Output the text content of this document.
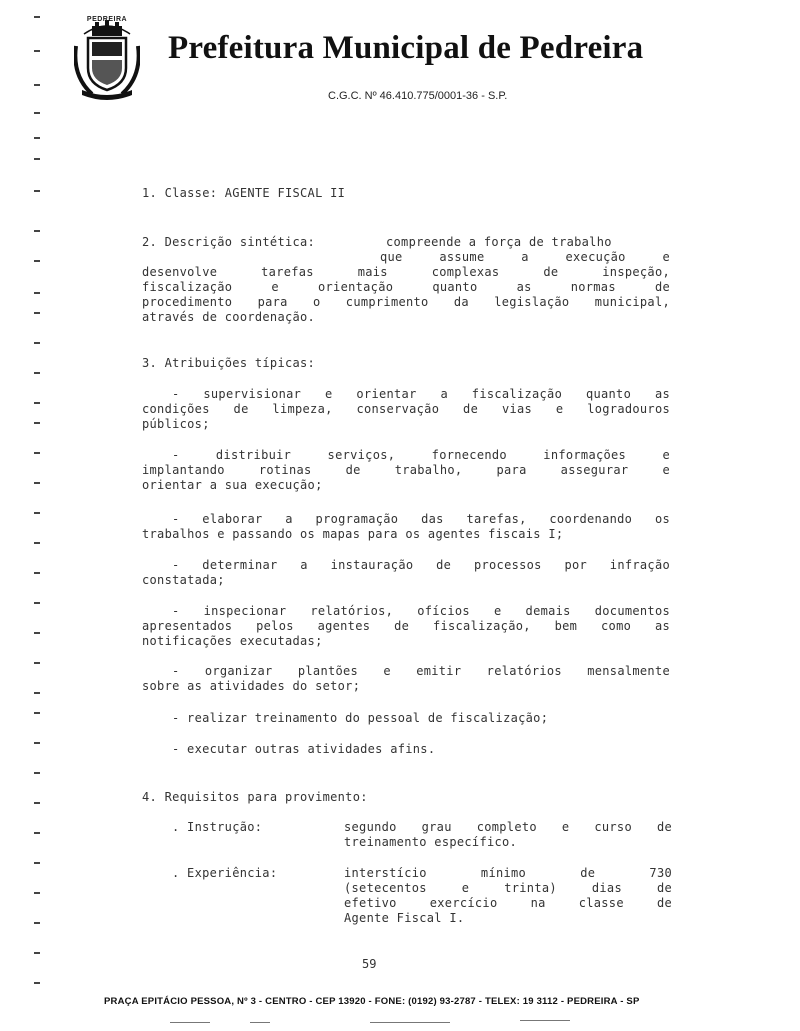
PEDREIRA
Prefeitura Municipal de Pedreira

C.G.C. Nº 46.410.775/0001-36 - S.P.

1. Classe: AGENTE FISCAL II

2. Descrição sintética:	compreende a força de trabalho

que assume a execução e
desenvolve tarefas mais complexas de inspeção,
fiscalização e orientação quanto as normas de
procedimento para o cumprimento da legislação municipal,
através de coordenação.

3. Atribuições típicas:

- supervisionar e orientar a fiscalização quanto as
condições de limpeza, conservação de vias e logradouros
públicos;
- distribuir serviços, fornecendo informações e
implantando rotinas de trabalho, para assegurar e
orientar a sua execução;
- elaborar a programação das tarefas, coordenando os
trabalhos e passando os mapas para os agentes fiscais I;
- determinar a instauração de processos por infração
constatada;
- inspecionar relatórios, ofícios e demais documentos
apresentados pelos agentes de fiscalização, bem como as
notificações executadas;
- organizar plantões e emitir relatórios mensalmente
sobre as atividades do setor;

- realizar treinamento do pessoal de fiscalização;

- executar outras atividades afins.

4. Requisitos para provimento:

. Instrução:	segundo grau completo e curso de
treinamento específico.

. Experiência:	interstício mínimo de 730
(setecentos e trinta) dias de
efetivo exercício na classe de
Agente Fiscal I.

59

PRAÇA EPITÁCIO PESSOA, Nº 3 - CENTRO - CEP 13920 - FONE: (0192) 93-2787 - TELEX: 19 3112 - PEDREIRA - SP
